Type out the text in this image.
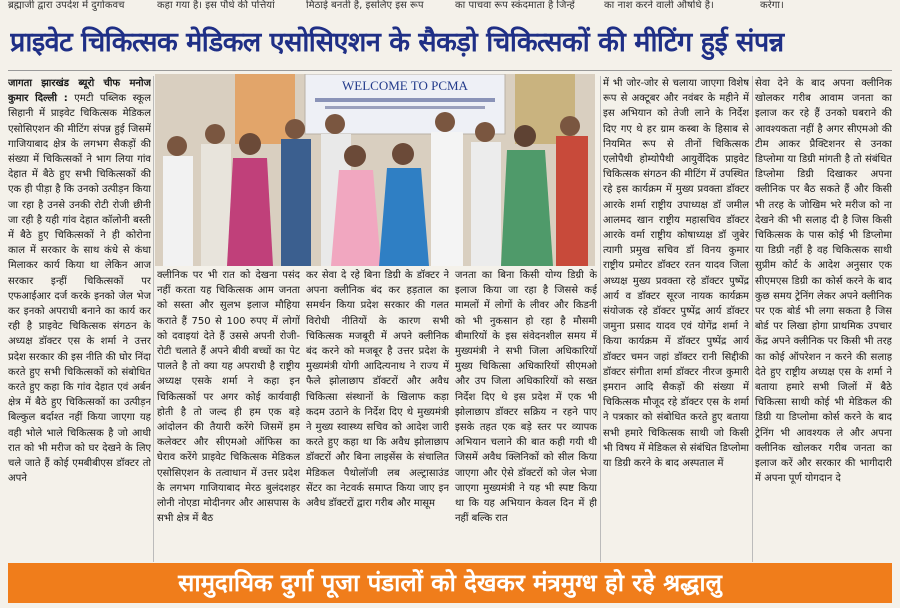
ब्रह्माजी द्वारा उपदेश में दुर्गाकवच	कहा गया है। इस पौधे की पत्तियां	मिठाई बनती है, इसलिए इस रूप	का पाचवा रूप स्कंदमाता है जिन्हें	का नाश करने वाली औषधि है।	करेगा।
प्राइवेट चिकित्सक मेडिकल एसोसिएशन के सैकड़ो चिकित्सकों की मीटिंग हुई संपन्न
WELCOME TO PCMA

जागता झारखंड ब्यूरो चीफ मनोज कुमार दिल्ली : एमटी पब्लिक स्कूल सिहानी में प्राइवेट चिकित्सक मेडिकल एसोसिएशन की मीटिंग संपन्न हुई जिसमें गाजियाबाद क्षेत्र के लगभग सैकड़ों की संख्या में चिकित्सकों ने भाग लिया गांव देहात में बैठे हुए सभी चिकित्सकों की एक ही पीड़ा है कि उनको उत्पीड़न किया जा रहा है उनसे उनकी रोटी रोजी छीनी जा रही है यही गांव देहात कॉलोनी बस्ती में बैठे हुए चिकित्सकों ने ही कोरोना काल में सरकार के साथ कंधे से कंधा मिलाकर कार्य किया था लेकिन आज सरकार इन्हीं चिकित्सकों पर एफआईआर दर्ज करके इनको जेल भेज कर इनको अपराधी बनाने का कार्य कर रही है प्राइवेट चिकित्सक संगठन के अध्यक्ष डॉक्टर एस के शर्मा ने उत्तर प्रदेश सरकार की इस नीति की घोर निंदा करते हुए सभी चिकित्सकों को संबोधित करते हुए कहा कि गांव देहात एवं अर्बन क्षेत्र में बैठे हुए चिकित्सकों का उत्पीड़न बिल्कुल बर्दाश्त नहीं किया जाएगा यह वही भोले भाले चिकित्सक है जो आधी रात को भी मरीज को घर देखने के लिए चले जाते हैं कोई एमबीबीएस डॉक्टर तो अपने

क्लीनिक पर भी रात को देखना पसंद नहीं करता यह चिकित्सक आम जनता को सस्ता और सुलभ इलाज मौहिया कराते हैं 750 से 100 रुपए में लोगों को दवाइयां देते हैं उससे अपनी रोजी-रोटी चलाते हैं अपने बीवी बच्चों का पेट पालते है तो क्या यह अपराधी है राष्ट्रीय अध्यक्ष एसके शर्मा ने कहा इन चिकित्सकों पर अगर कोई कार्यवाही होती है तो जल्द ही हम एक बड़े आंदोलन की तैयारी करेंगे जिसमें हम कलेक्टर और सीएमओ ऑफिस का घेराव करेंगे प्राइवेट चिकित्सक मेडिकल एसोसिएशन के तत्वाधान में उत्तर प्रदेश के लगभग गाजियाबाद मेरठ बुलंदशहर लोनी नोएडा मोदीनगर और आसपास के सभी क्षेत्र में बैठ

कर सेवा दे रहे बिना डिग्री के डॉक्टर ने अपना क्लीनिक बंद कर हड़ताल का समर्थन किया प्रदेश सरकार की गलत विरोधी नीतियों के कारण सभी चिकित्सक मजबूरी में अपने क्लीनिक बंद करने को मजबूर है उत्तर प्रदेश के मुख्यमंत्री योगी आदित्यनाथ ने राज्य में फैले झोलाछाप डॉक्टरों और अवैध चिकित्सा संस्थानों के खिलाफ कड़ा कदम उठाने के निर्देश दिए थे मुख्यमंत्री ने मुख्य स्वास्थ्य सचिव को आदेश जारी करते हुए कहा था कि अवैध झोलाछाप डॉक्टरों और बिना लाइसेंस के संचालित मेडिकल पैथोलॉजी लब अल्ट्रासाउंड सेंटर का नेटवर्क समाप्त किया जाए इन अवैध डॉक्टरों द्वारा गरीब और मासूम

जनता का बिना किसी योग्य डिग्री के इलाज किया जा रहा है जिससे कई मामलों में लोगों के लीवर और किडनी को भी नुकसान हो रहा है मौसमी बीमारियों के इस संवेदनशील समय में मुख्यमंत्री ने सभी जिला अधिकारियों मुख्य चिकित्सा अधिकारियों सीएमओ और उप जिला अधिकारियों को सख्त निर्देश दिए थे इस प्रदेश में एक भी झोलाछाप डॉक्टर सक्रिय न रहने पाए इसके तहत एक बड़े स्तर पर व्यापक अभियान चलाने की बात कही गयी थी जिसमें अवैध क्लिनिकों को सील किया जाएगा और ऐसे डॉक्टरों को जेल भेजा जाएगा मुख्यमंत्री ने यह भी स्पष्ट किया था कि यह अभियान केवल दिन में ही नहीं बल्कि रात

में भी जोर-जोर से चलाया जाएगा विशेष रूप से अक्टूबर और नवंबर के महीने में इस अभियान को तेजी लाने के निर्देश दिए गए थे हर ग्राम कस्बा के हिसाब से नियमित रूप से तीनों चिकित्सक एलोपैथी होम्योपैथी आयुर्वेदिक प्राइवेट चिकित्सक संगठन की मीटिंग में उपस्थित रहे इस कार्यक्रम में मुख्य प्रवक्ता डॉक्टर आरके शर्मा राष्ट्रीय उपाध्यक्ष डॉ जमील आलमद खान राष्ट्रीय महासचिव डॉक्टर आरके वर्मा राष्ट्रीय कोषाध्यक्ष डॉ जुबेर त्यागी प्रमुख सचिव डॉ विनय कुमार राष्ट्रीय प्रमोटर डॉक्टर रतन यादव जिला अध्यक्ष मुख्य प्रवक्ता रहे डॉक्टर पुष्पेंद्र आर्य व डॉक्टर सूरज नायक कार्यक्रम संयोजक रहे डॉक्टर पुष्पेंद्र आर्य डॉक्टर जमुना प्रसाद यादव एवं योगेंद्र शर्मा ने किया कार्यक्रम में डॉक्टर पुष्पेंद्र आर्य डॉक्टर चमन जहां डॉक्टर रानी सिद्दीकी डॉक्टर संगीता शर्मा डॉक्टर नीरज कुमारी इमरान आदि सैकड़ों की संख्या में चिकित्सक मौजूद रहे डॉक्टर एस के शर्मा ने पत्रकार को संबोधित करते हुए बताया सभी हमारे चिकित्सक साथी जो किसी भी विषय में मेडिकल से संबंधित डिप्लोमा या डिग्री करने के बाद अस्पताल में

सेवा देने के बाद अपना क्लीनिक खोलकर गरीब आवाम जनता का इलाज कर रहे हैं उनको घबराने की आवश्यकता नहीं है अगर सीएमओ की टीम आकर प्रैक्टिशनर से उनका डिप्लोमा या डिग्री मांगती है तो संबंधित डिप्लोमा डिग्री दिखाकर अपना क्लीनिक पर बैठ सकते हैं और किसी भी तरह के जोखिम भरे मरीज को ना देखने की भी सलाह दी है जिस किसी चिकित्सक के पास कोई भी डिप्लोमा या डिग्री नहीं है वह चिकित्सक साथी सुप्रीम कोर्ट के आदेश अनुसार एक सीएमएस डिग्री का कोर्स करने के बाद कुछ समय ट्रेनिंग लेकर अपने क्लीनिक पर एक बोर्ड भी लगा सकता है जिस बोर्ड पर लिखा होगा प्राथमिक उपचार केंद्र अपने क्लीनिक पर किसी भी तरह का कोई ऑपरेशन न करने की सलाह देते हुए राष्ट्रीय अध्यक्ष एस के शर्मा ने बताया हमारे सभी जिलों में बैठे चिकित्सा साथी कोई भी मेडिकल की डिग्री या डिप्लोमा कोर्स करने के बाद ट्रेनिंग भी आवश्यक ले और अपना क्लीनिक खोलकर गरीब जनता का इलाज करें और सरकार की भागीदारी में अपना पूर्ण योगदान दे

सामुदायिक दुर्गा पूजा पंडालों को देखकर मंत्रमुग्ध हो रहे श्रद्धालु
